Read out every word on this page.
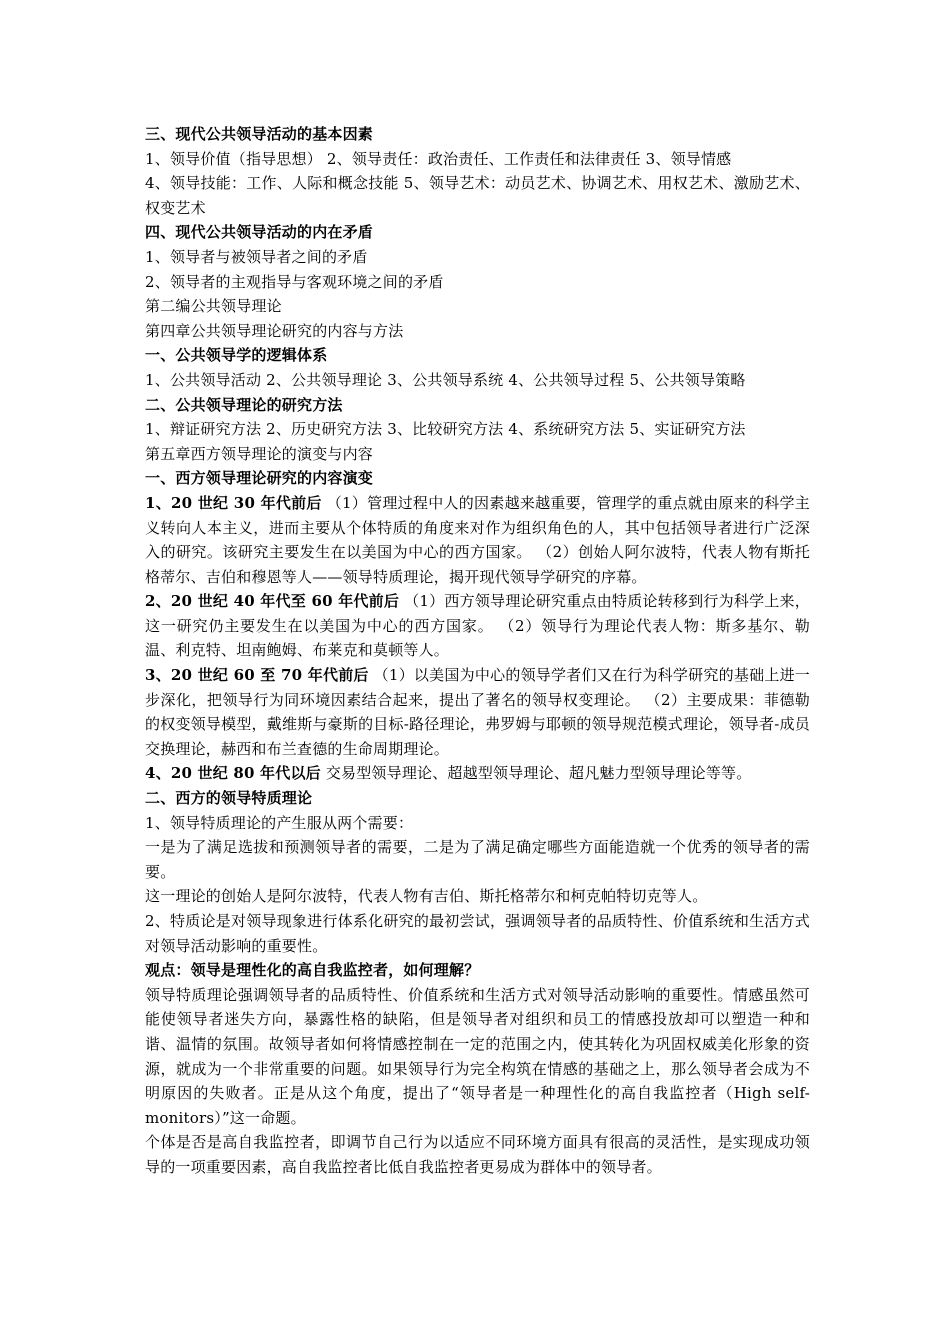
三、现代公共领导活动的基本因素

1、领导价值（指导思想） 2、领导责任：政治责任、工作责任和法律责任 3、领导情感

4、领导技能：工作、人际和概念技能 5、领导艺术：动员艺术、协调艺术、用权艺术、激励艺术、权变艺术

四、现代公共领导活动的内在矛盾

1、领导者与被领导者之间的矛盾

2、领导者的主观指导与客观环境之间的矛盾

第二编公共领导理论

第四章公共领导理论研究的内容与方法

一、公共领导学的逻辑体系

1、公共领导活动 2、公共领导理论 3、公共领导系统 4、公共领导过程 5、公共领导策略

二、公共领导理论的研究方法

1、辩证研究方法 2、历史研究方法 3、比较研究方法 4、系统研究方法 5、实证研究方法

第五章西方领导理论的演变与内容

一、西方领导理论研究的内容演变

1、20 世纪 30 年代前后 （1）管理过程中人的因素越来越重要，管理学的重点就由原来的科学主义转向人本主义，进而主要从个体特质的角度来对作为组织角色的人，其中包括领导者进行广泛深入的研究。该研究主要发生在以美国为中心的西方国家。 （2）创始人阿尔波特，代表人物有斯托格蒂尔、吉伯和穆恩等人——领导特质理论，揭开现代领导学研究的序幕。

2、20 世纪 40 年代至 60 年代前后 （1）西方领导理论研究重点由特质论转移到行为科学上来，这一研究仍主要发生在以美国为中心的西方国家。 （2）领导行为理论代表人物：斯多基尔、勒温、利克特、坦南鲍姆、布莱克和莫顿等人。

3、20 世纪 60 至 70 年代前后 （1）以美国为中心的领导学者们又在行为科学研究的基础上进一步深化，把领导行为同环境因素结合起来，提出了著名的领导权变理论。 （2）主要成果：菲德勒的权变领导模型，戴维斯与豪斯的目标-路径理论，弗罗姆与耶顿的领导规范模式理论，领导者-成员交换理论，赫西和布兰查德的生命周期理论。

4、20 世纪 80 年代以后 交易型领导理论、超越型领导理论、超凡魅力型领导理论等等。

二、西方的领导特质理论

1、领导特质理论的产生服从两个需要：

一是为了满足选拔和预测领导者的需要，二是为了满足确定哪些方面能造就一个优秀的领导者的需要。

这一理论的创始人是阿尔波特，代表人物有吉伯、斯托格蒂尔和柯克帕特切克等人。

2、特质论是对领导现象进行体系化研究的最初尝试，强调领导者的品质特性、价值系统和生活方式对领导活动影响的重要性。

观点：领导是理性化的高自我监控者，如何理解？

领导特质理论强调领导者的品质特性、价值系统和生活方式对领导活动影响的重要性。情感虽然可能使领导者迷失方向，暴露性格的缺陷，但是领导者对组织和员工的情感投放却可以塑造一种和谐、温情的氛围。故领导者如何将情感控制在一定的范围之内，使其转化为巩固权威美化形象的资源，就成为一个非常重要的问题。如果领导行为完全构筑在情感的基础之上，那么领导者会成为不明原因的失败者。正是从这个角度，提出了“领导者是一种理性化的高自我监控者（High self-monitors）”这一命题。

个体是否是高自我监控者，即调节自己行为以适应不同环境方面具有很高的灵活性，是实现成功领导的一项重要因素，高自我监控者比低自我监控者更易成为群体中的领导者。
